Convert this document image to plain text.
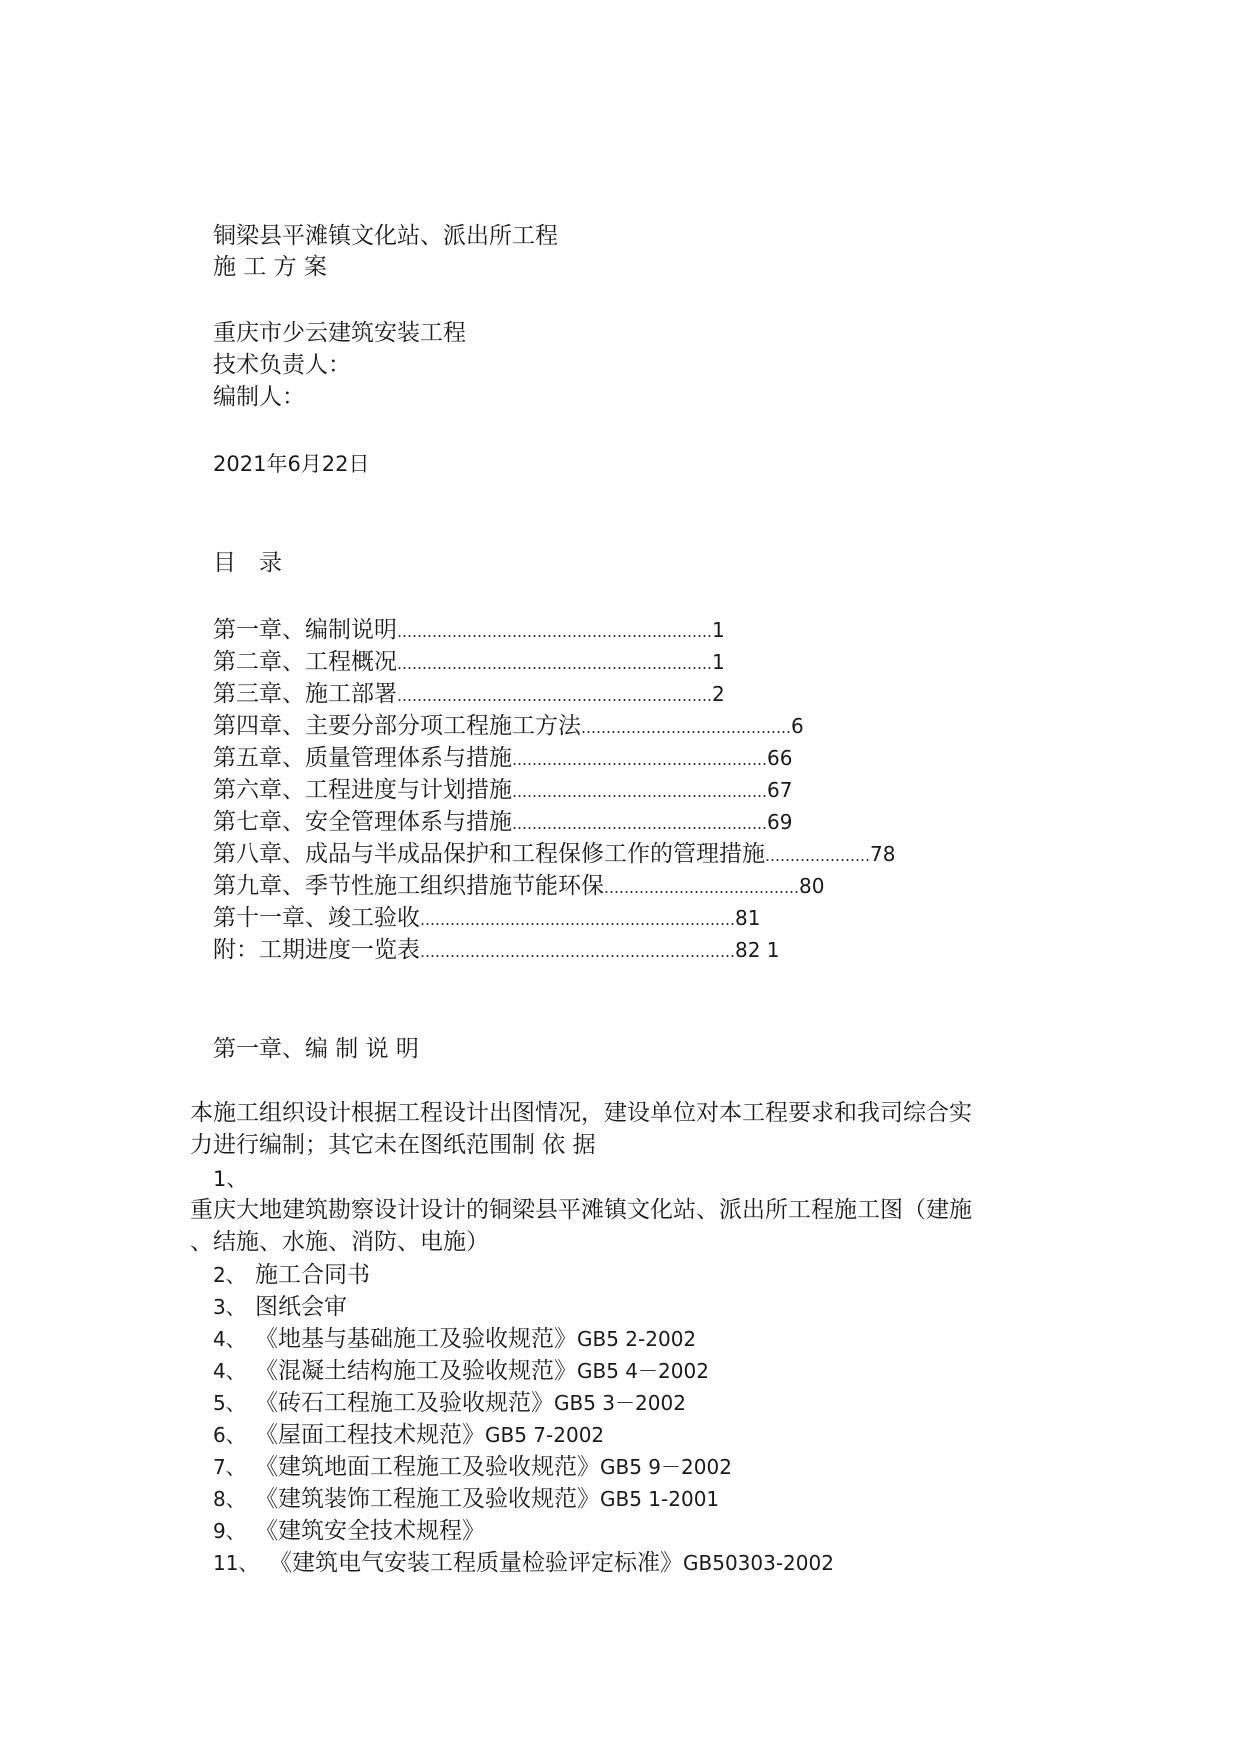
铜梁县平滩镇文化站、派出所工程
施 工 方 案
重庆市少云建筑安装工程
技术负责人：
编制人：
2021年6月22日
目　录
第一章、编制说明………………………………………………………1
第二章、工程概况………………………………………………………1
第三章、施工部署………………………………………………………2
第四章、主要分部分项工程施工方法……………………………………6
第五章、质量管理体系与措施……………………………………………66
第六章、工程进度与计划措施……………………………………………67
第七章、安全管理体系与措施……………………………………………69
第八章、成品与半成品保护和工程保修工作的管理措施…………………78
第九章、季节性施工组织措施节能环保…………………………………80
第十一章、竣工验收………………………………………………………81
附：工期进度一览表………………………………………………………82 1
第一章、编 制 说 明
本施工组织设计根据工程设计出图情况，建设单位对本工程要求和我司综合实
力进行编制；其它未在图纸范围制 依 据
1、
重庆大地建筑勘察设计设计的铜梁县平滩镇文化站、派出所工程施工图（建施
、结施、水施、消防、电施）
2、 施工合同书
3、 图纸会审
4、 《地基与基础施工及验收规范》GB5 2-2002
4、 《混凝土结构施工及验收规范》GB5 4－2002
5、 《砖石工程施工及验收规范》GB5 3－2002
6、 《屋面工程技术规范》GB5 7-2002
7、 《建筑地面工程施工及验收规范》GB5 9－2002
8、 《建筑装饰工程施工及验收规范》GB5 1-2001
9、 《建筑安全技术规程》
11、 《建筑电气安装工程质量检验评定标准》GB50303-2002
